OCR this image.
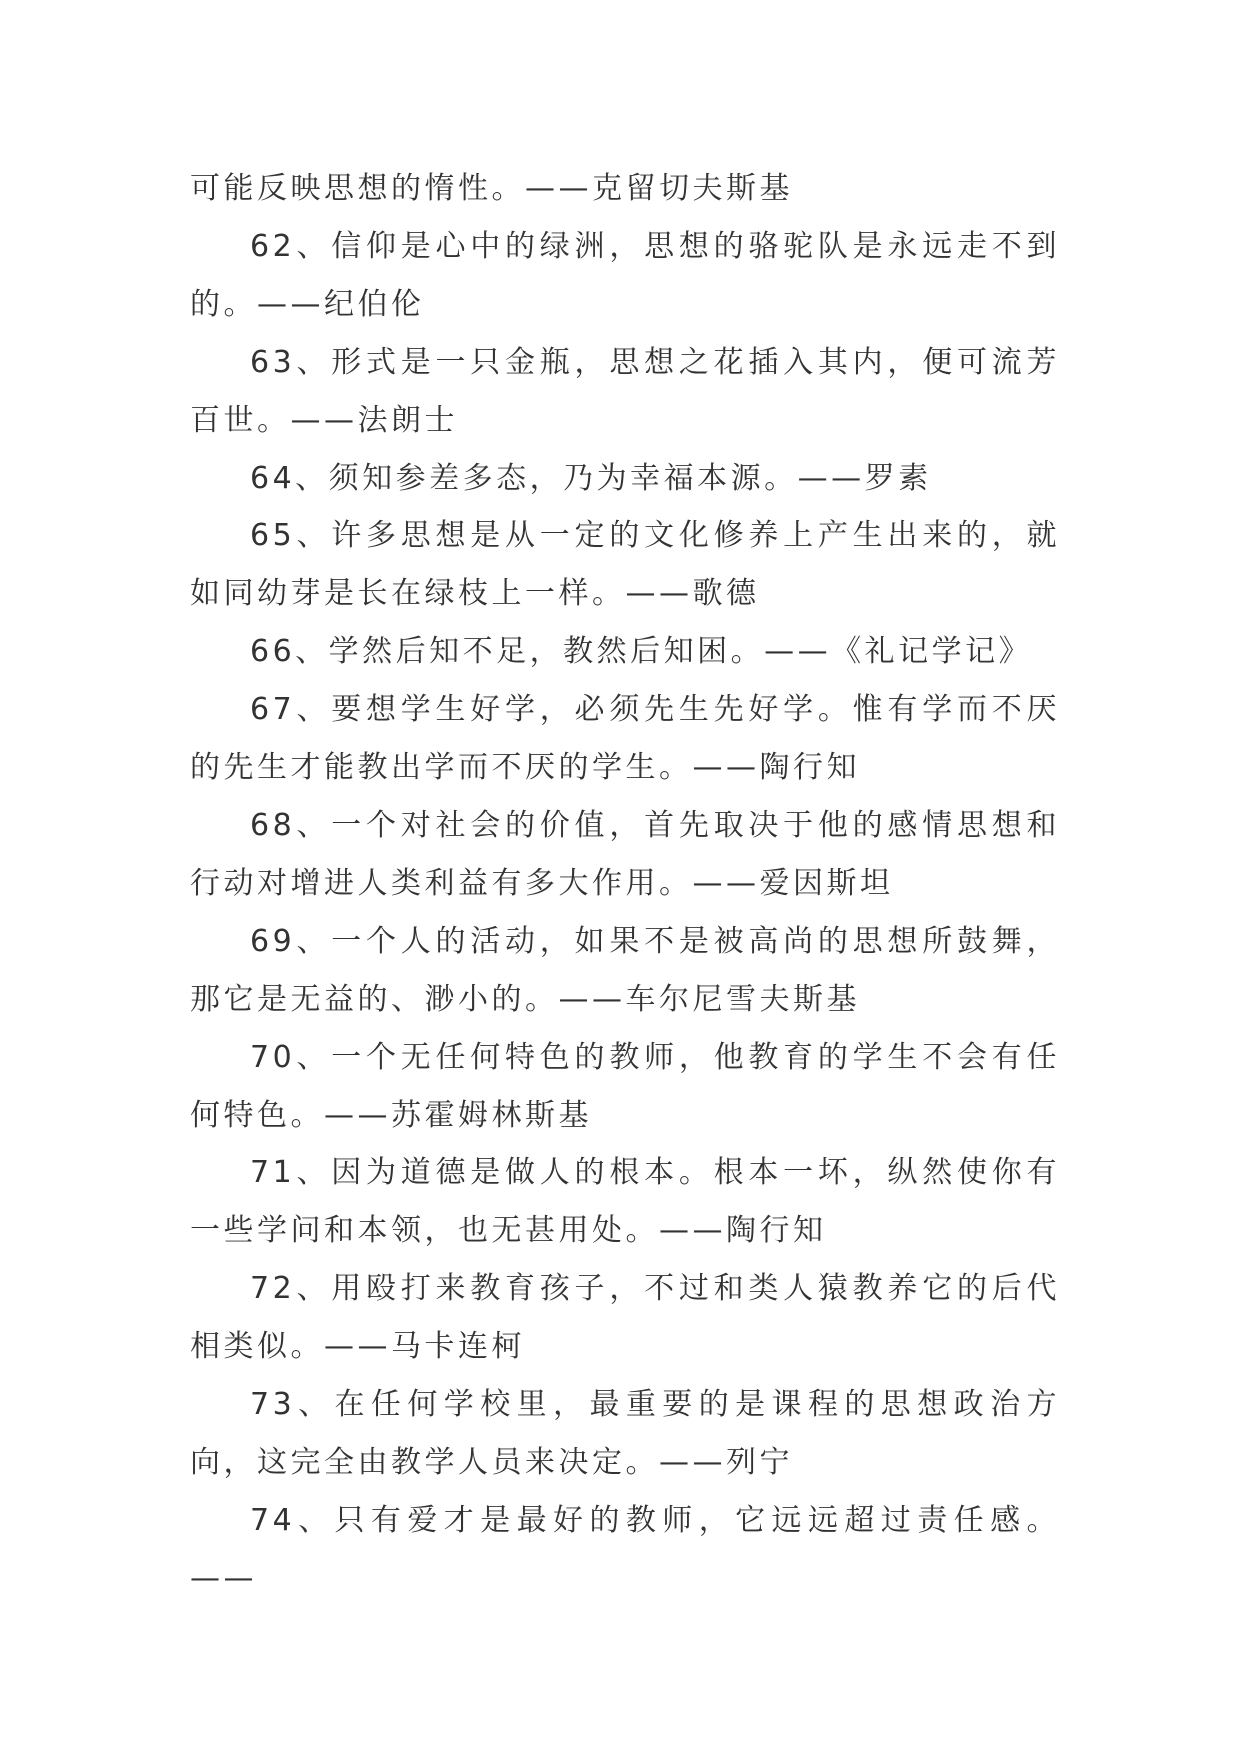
可能反映思想的惰性。——克留切夫斯基

62、信仰是心中的绿洲，思想的骆驼队是永远走不到的。——纪伯伦

63、形式是一只金瓶，思想之花插入其内，便可流芳百世。——法朗士

64、须知参差多态，乃为幸福本源。——罗素

65、许多思想是从一定的文化修养上产生出来的，就如同幼芽是长在绿枝上一样。——歌德

66、学然后知不足，教然后知困。——《礼记学记》

67、要想学生好学，必须先生先好学。惟有学而不厌的先生才能教出学而不厌的学生。——陶行知

68、一个对社会的价值，首先取决于他的感情思想和行动对增进人类利益有多大作用。——爱因斯坦

69、一个人的活动，如果不是被高尚的思想所鼓舞，那它是无益的、渺小的。——车尔尼雪夫斯基

70、一个无任何特色的教师，他教育的学生不会有任何特色。——苏霍姆林斯基

71、因为道德是做人的根本。根本一坏，纵然使你有一些学问和本领，也无甚用处。——陶行知

72、用殴打来教育孩子，不过和类人猿教养它的后代相类似。——马卡连柯

73、在任何学校里，最重要的是课程的思想政治方向，这完全由教学人员来决定。——列宁

74、只有爱才是最好的教师，它远远超过责任感。——
